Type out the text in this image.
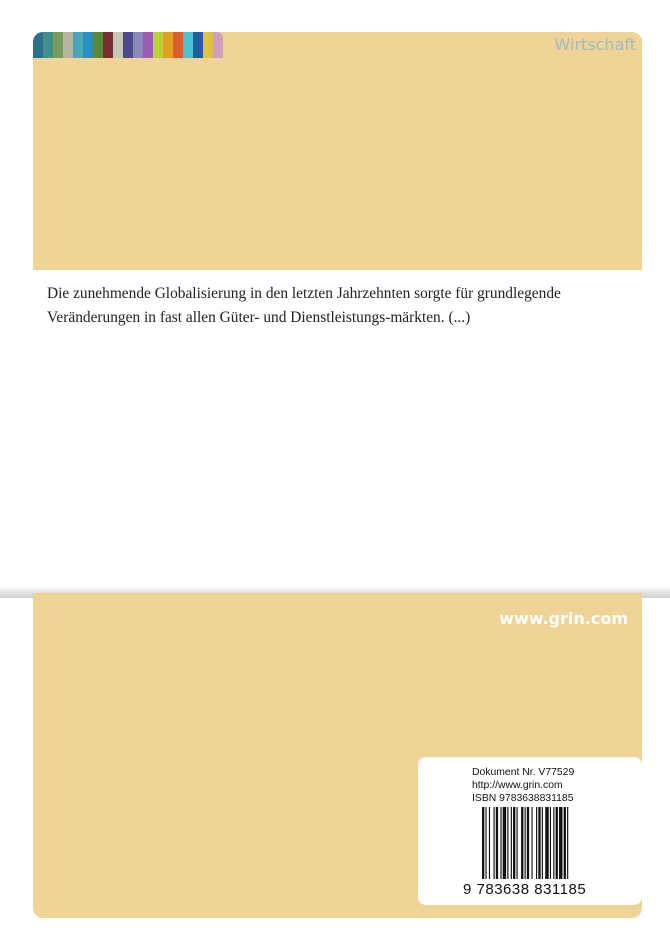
Wirtschaft

Die zunehmende Globalisierung in den letzten Jahrzehnten sorgte für grundlegende

Veränderungen in fast allen Güter- und Dienstleistungs-märkten. (...)

www.grin.com
Dokument Nr. V77529
http://www.grin.com
ISBN 9783638831185
9 783638 831185
